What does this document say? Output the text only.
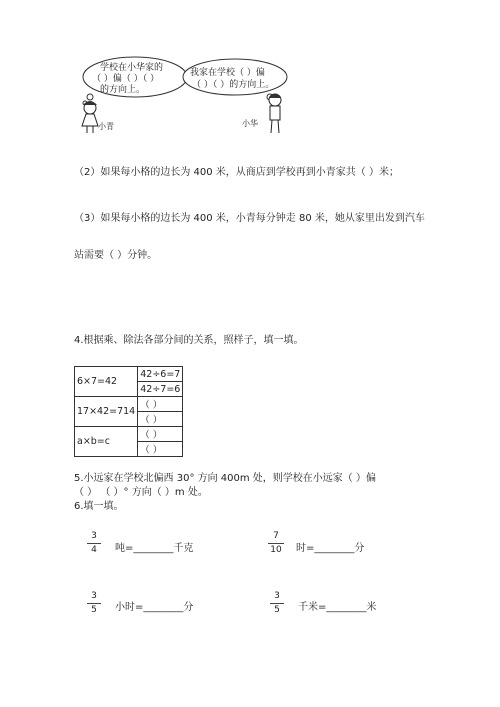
学校在小华家的
（ ）偏（ ）（ ）
的方向上。
我家在学校（ ）偏
（ ）（ ）的方向上。
小青	小华
（2）如果每小格的边长为 400 米，从商店到学校再到小青家共（ ）米；
（3）如果每小格的边长为 400 米，小青每分钟走 80 米，她从家里出发到汽车
站需要（ ）分钟。
4.根据乘、除法各部分间的关系，照样子，填一填。
6×7=42	42÷6=7
	42÷7=6
17×42=714	（ ）
	（ ）
a×b=c	（ ）
	（ ）
5.小远家在学校北偏西 30° 方向 400m 处，则学校在小远家（ ）偏
（ ） （ ）° 方向（ ）m 处。
6.填一填。
3
4	吨=________千克
7
10 时=________分
3
5	小时=________分
3
5	千米=________米
